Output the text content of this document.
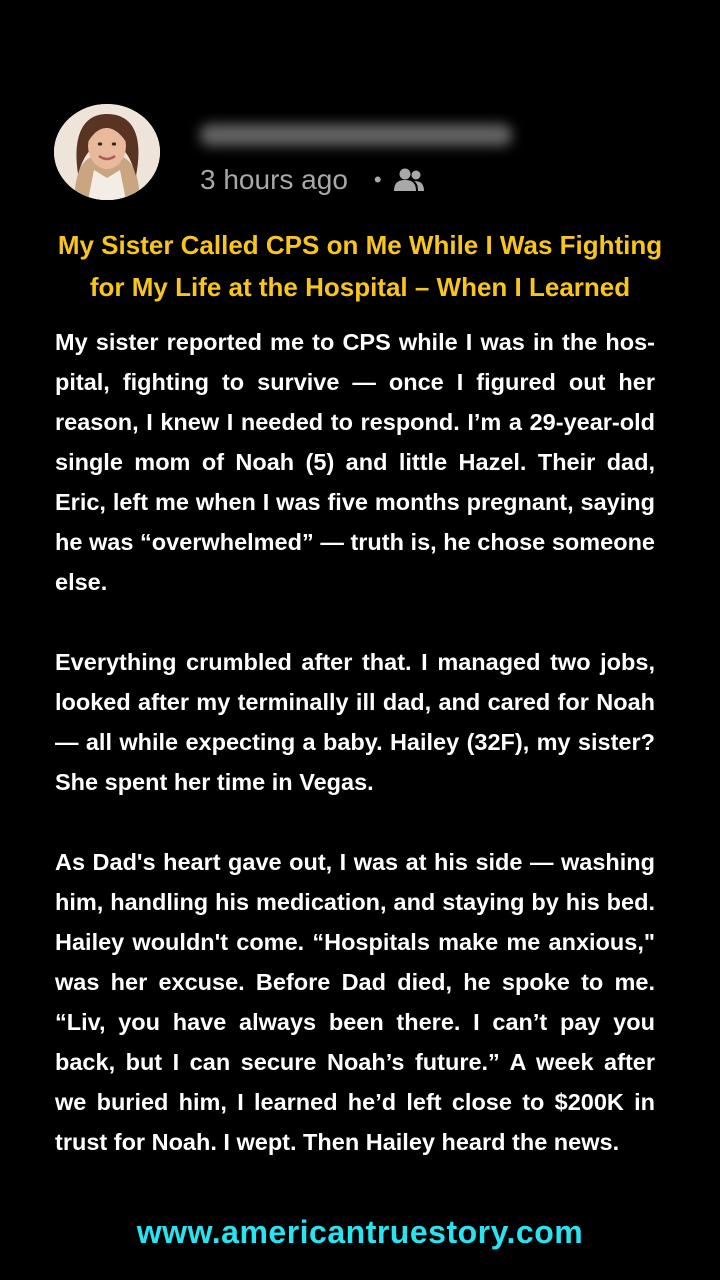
3 hours ago •
My Sister Called CPS on Me While I Was Fighting for My Life at the Hospital – When I Learned

My sister reported me to CPS while I was in the hos-pital, fighting to survive — once I figured out her reason, I knew I needed to respond. I’m a 29-year-old single mom of Noah (5) and little Hazel. Their dad, Eric, left me when I was five months pregnant, saying he was “overwhelmed” — truth is, he chose someone else.

Everything crumbled after that. I managed two jobs, looked after my terminally ill dad, and cared for Noah — all while expecting a baby. Hailey (32F), my sister? She spent her time in Vegas.

As Dad's heart gave out, I was at his side — washing him, handling his medication, and staying by his bed. Hailey wouldn't come. “Hospitals make me anxious," was her excuse. Before Dad died, he spoke to me. “Liv, you have always been there. I can’t pay you back, but I can secure Noah’s future.” A week after we buried him, I learned he’d left close to $200K in trust for Noah. I wept. Then Hailey heard the news.

www.americantruestory.com
